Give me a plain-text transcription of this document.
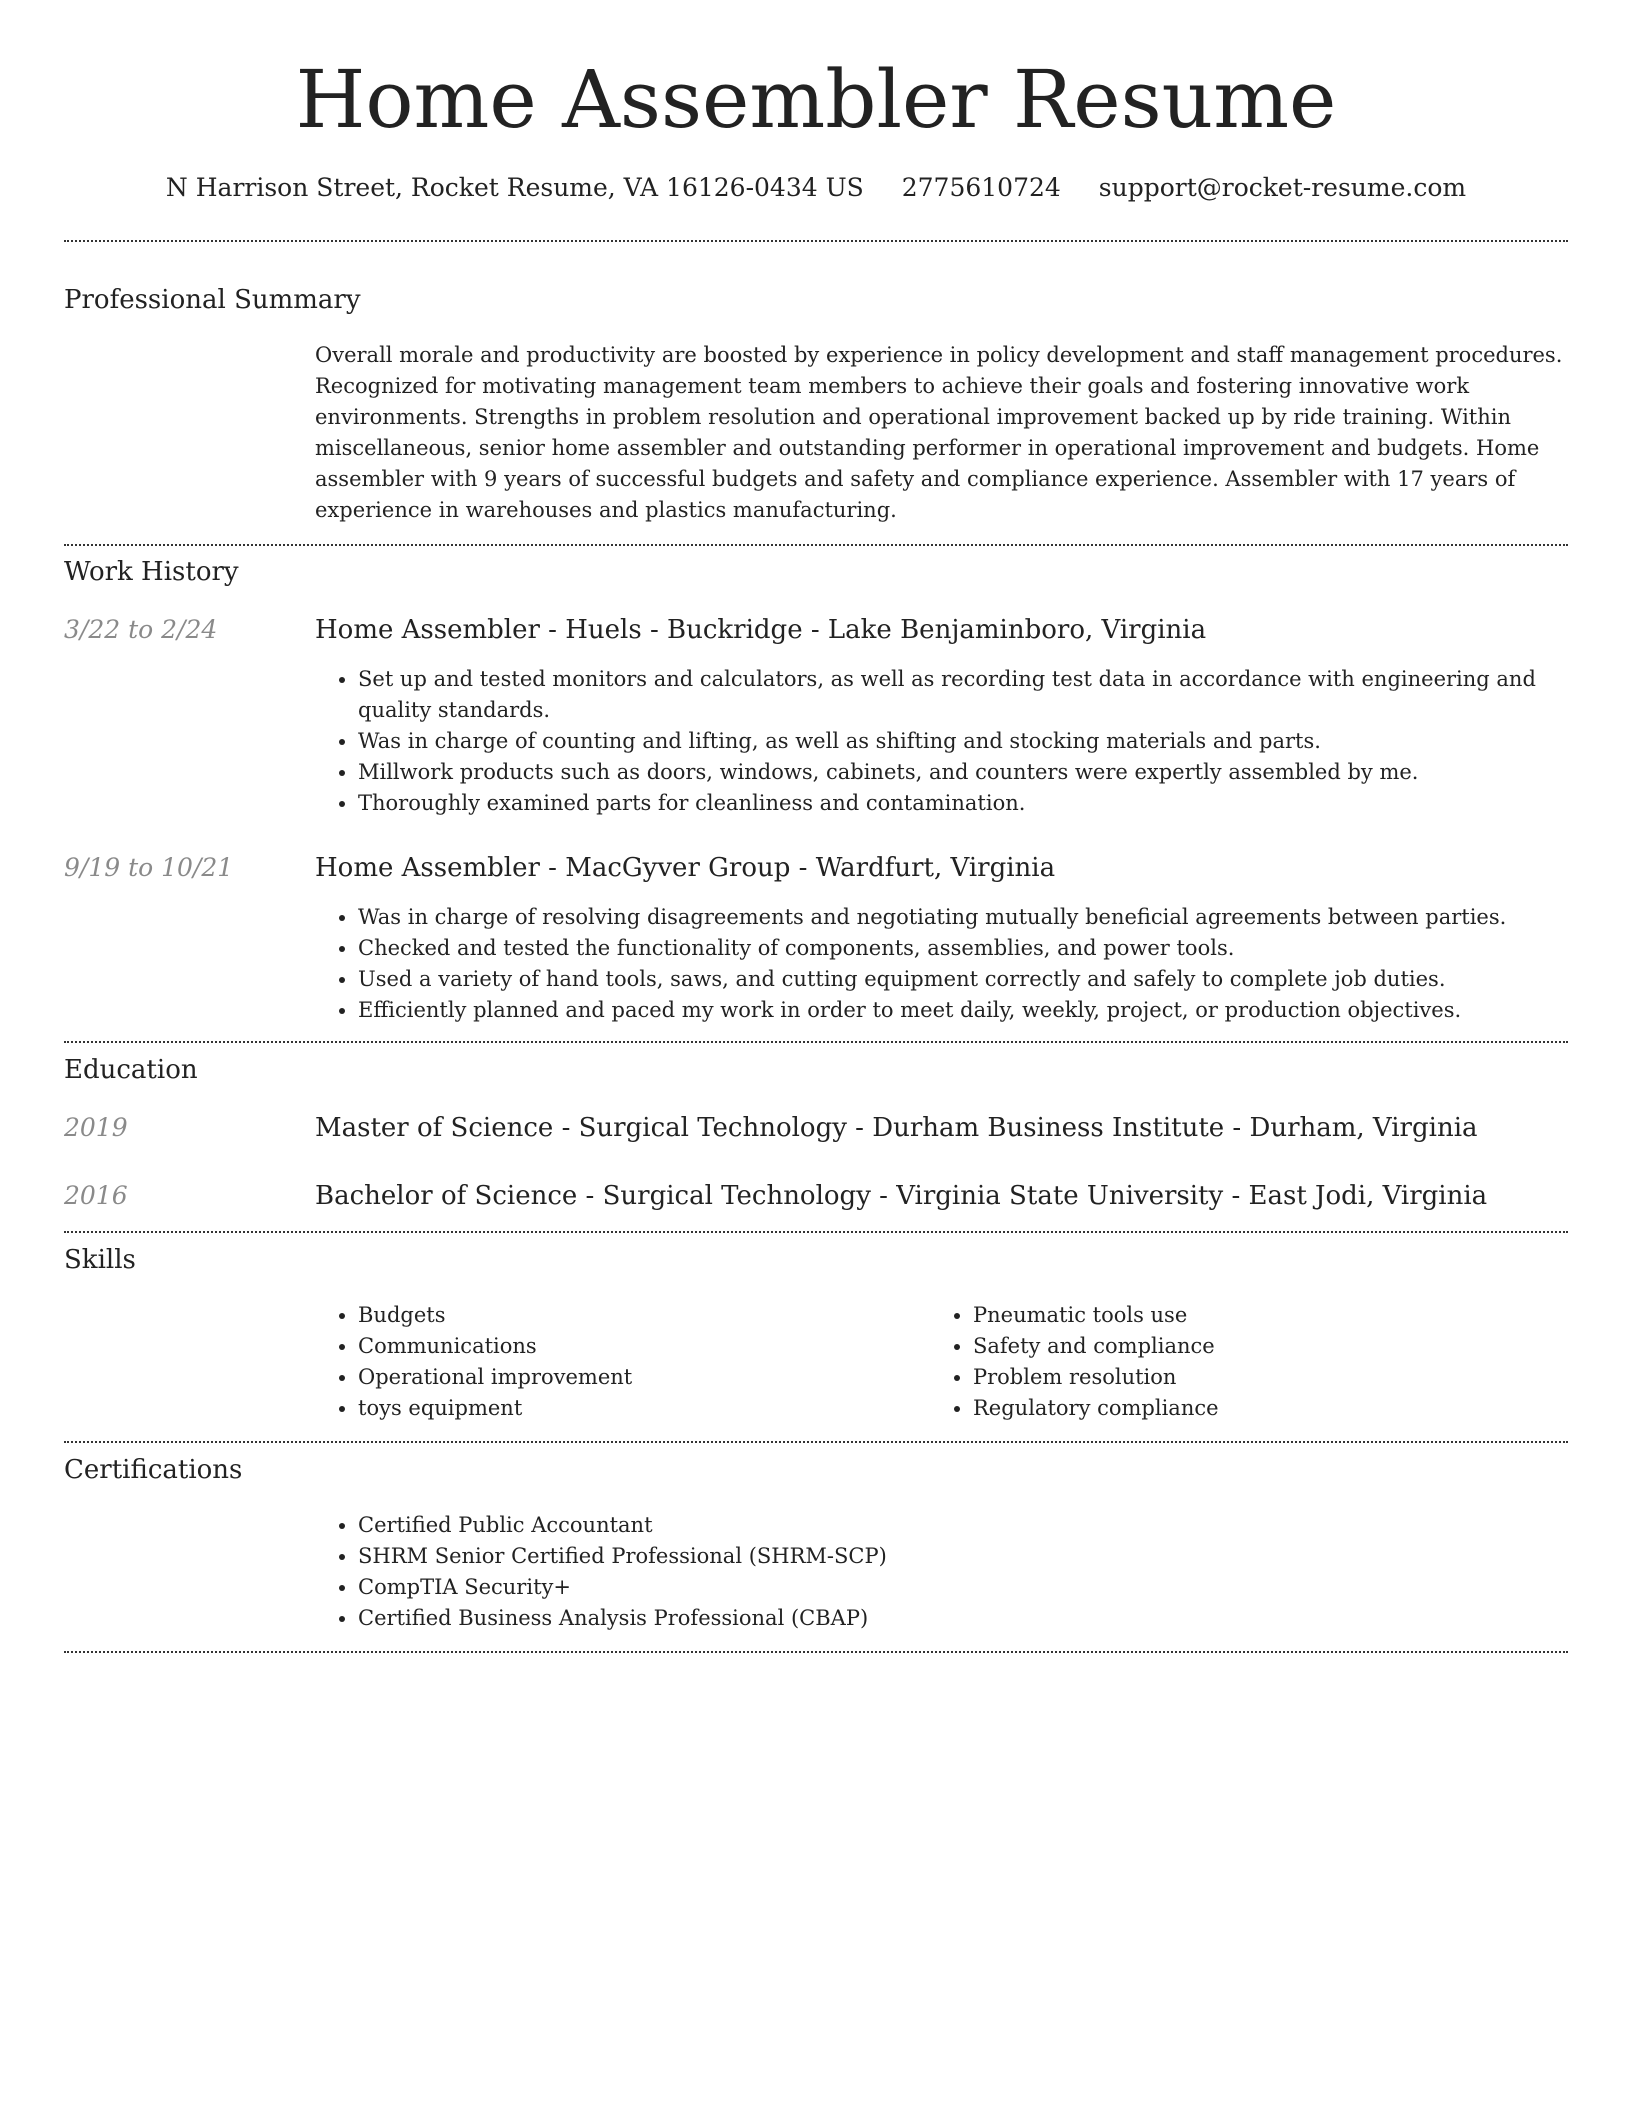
Home Assembler Resume
N Harrison Street, Rocket Resume, VA 16126-0434 US 2775610724 support@rocket-resume.com
Professional Summary

Overall morale and productivity are boosted by experience in policy development and staff management procedures. Recognized for motivating management team members to achieve their goals and fostering innovative work environments. Strengths in problem resolution and operational improvement backed up by ride training. Within miscellaneous, senior home assembler and outstanding performer in operational improvement and budgets. Home assembler with 9 years of successful budgets and safety and compliance experience. Assembler with 17 years of experience in warehouses and plastics manufacturing.

Work History
3/22 to 2/24	Home Assembler - Huels - Buckridge - Lake Benjaminboro, Virginia
• Set up and tested monitors and calculators, as well as recording test data in accordance with engineering and quality standards.
• Was in charge of counting and lifting, as well as shifting and stocking materials and parts.
• Millwork products such as doors, windows, cabinets, and counters were expertly assembled by me.
• Thoroughly examined parts for cleanliness and contamination.
9/19 to 10/21	Home Assembler - MacGyver Group - Wardfurt, Virginia
• Was in charge of resolving disagreements and negotiating mutually beneficial agreements between parties.
• Checked and tested the functionality of components, assemblies, and power tools.
• Used a variety of hand tools, saws, and cutting equipment correctly and safely to complete job duties.
• Efficiently planned and paced my work in order to meet daily, weekly, project, or production objectives.
Education
2019	Master of Science - Surgical Technology - Durham Business Institute - Durham, Virginia
2016	Bachelor of Science - Surgical Technology - Virginia State University - East Jodi, Virginia
Skills
• Budgets
• Communications
• Operational improvement
• toys equipment
• Pneumatic tools use
• Safety and compliance
• Problem resolution
• Regulatory compliance
Certifications
• Certified Public Accountant
• SHRM Senior Certified Professional (SHRM-SCP)
• CompTIA Security+
• Certified Business Analysis Professional (CBAP)
